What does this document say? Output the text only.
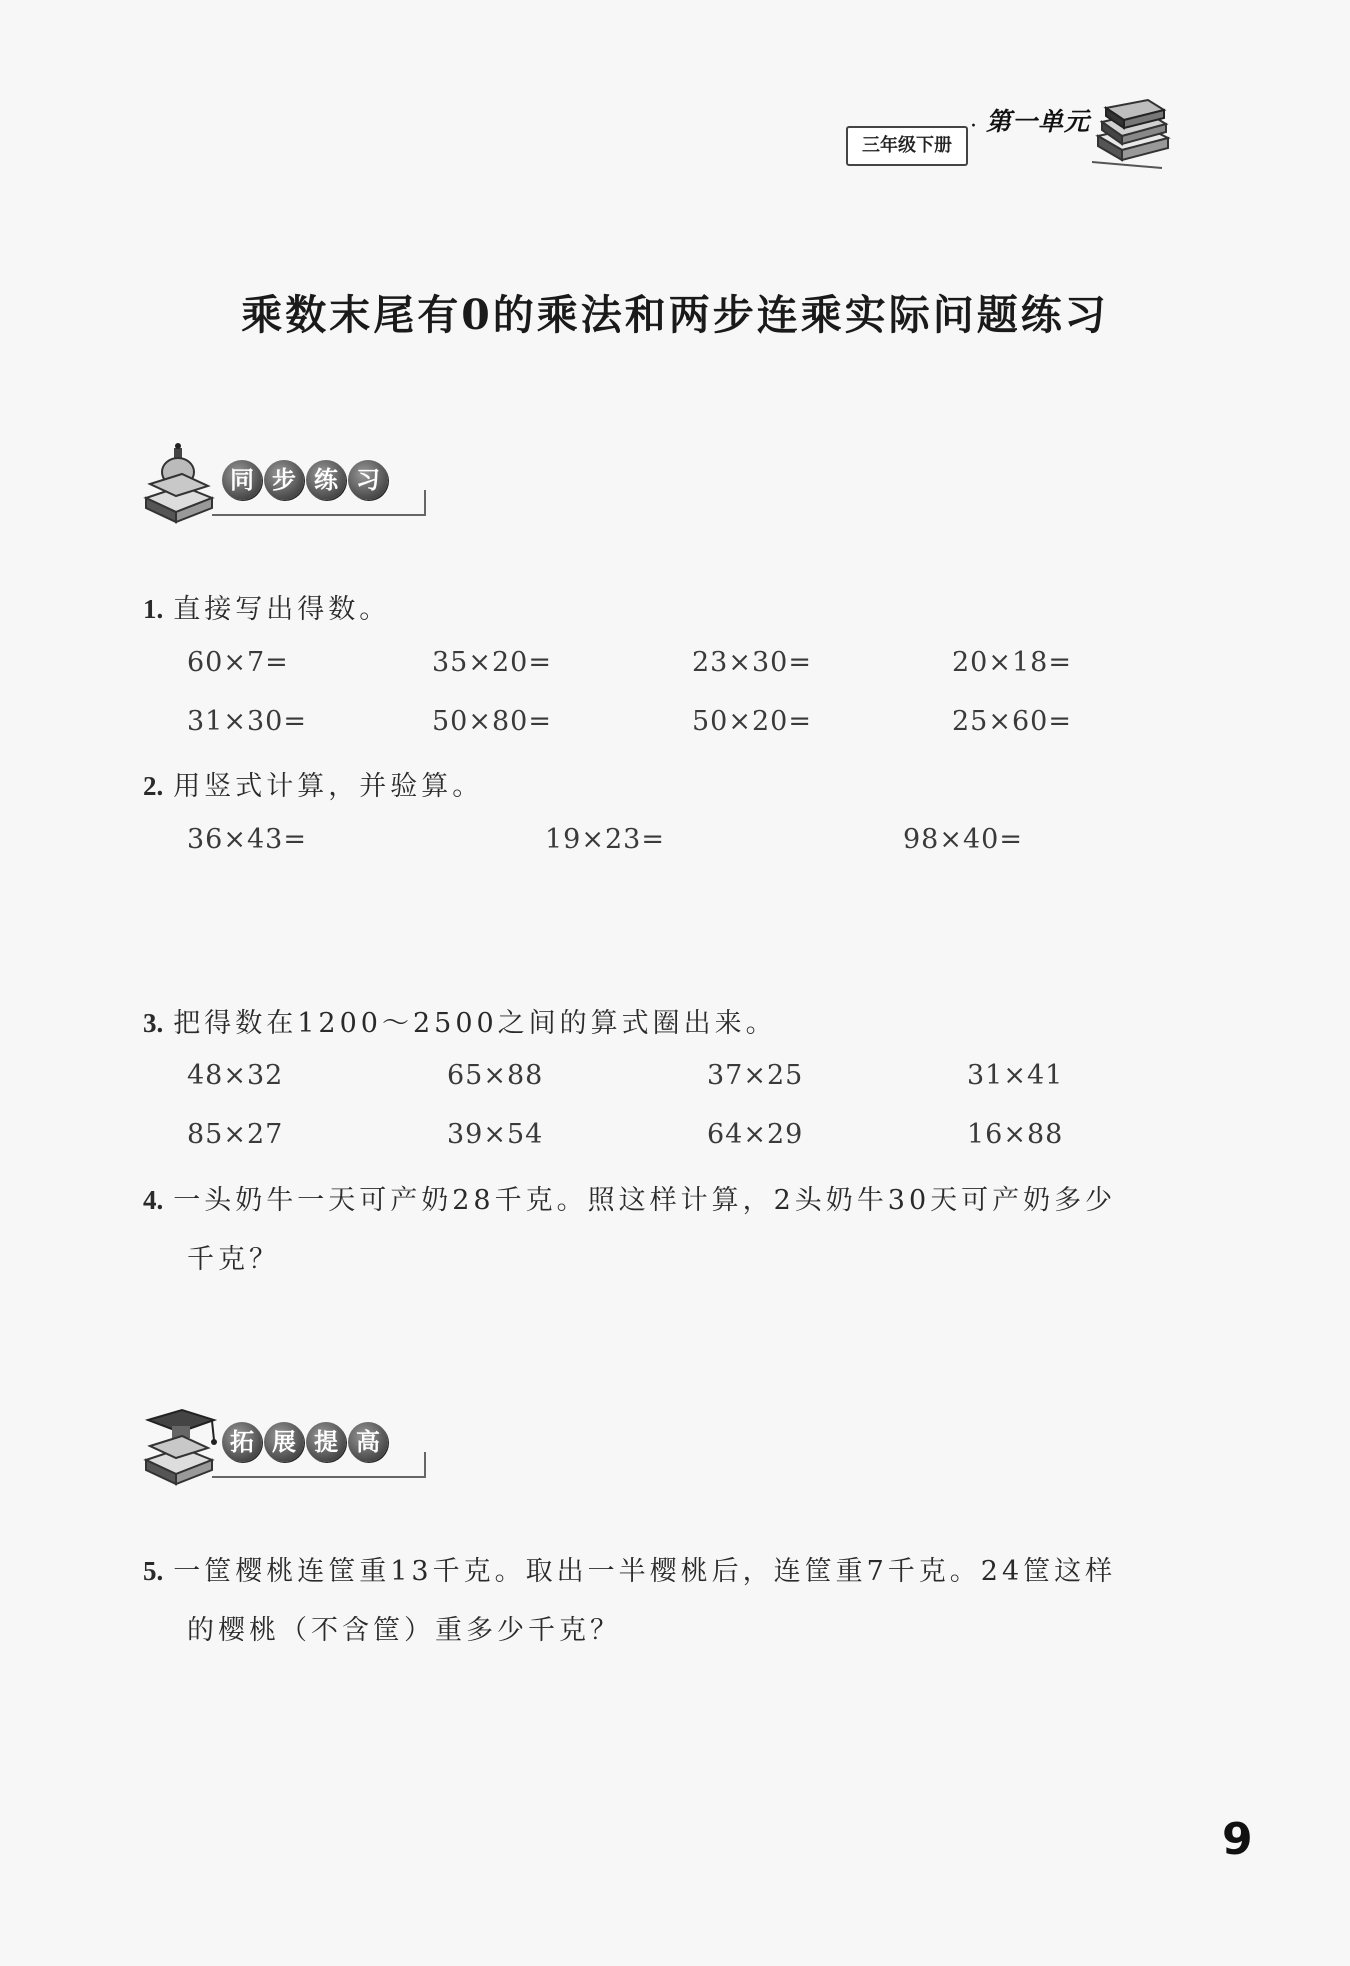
三年级下册
· 第一单元
乘数末尾有0的乘法和两步连乘实际问题练习
同 步 练 习
1. 直接写出得数。
60×7=	35×20=	23×30=	20×18=
31×30=	50×80=	50×20=	25×60=
2. 用竖式计算，并验算。
36×43=	19×23=	98×40=
3. 把得数在1200～2500之间的算式圈出来。
48×32	65×88	37×25	31×41
85×27	39×54	64×29	16×88
4. 一头奶牛一天可产奶28千克。照这样计算，2头奶牛30天可产奶多少
千克？
拓 展 提 高
5. 一筐樱桃连筐重13千克。取出一半樱桃后，连筐重7千克。24筐这样
的樱桃（不含筐）重多少千克？
9
